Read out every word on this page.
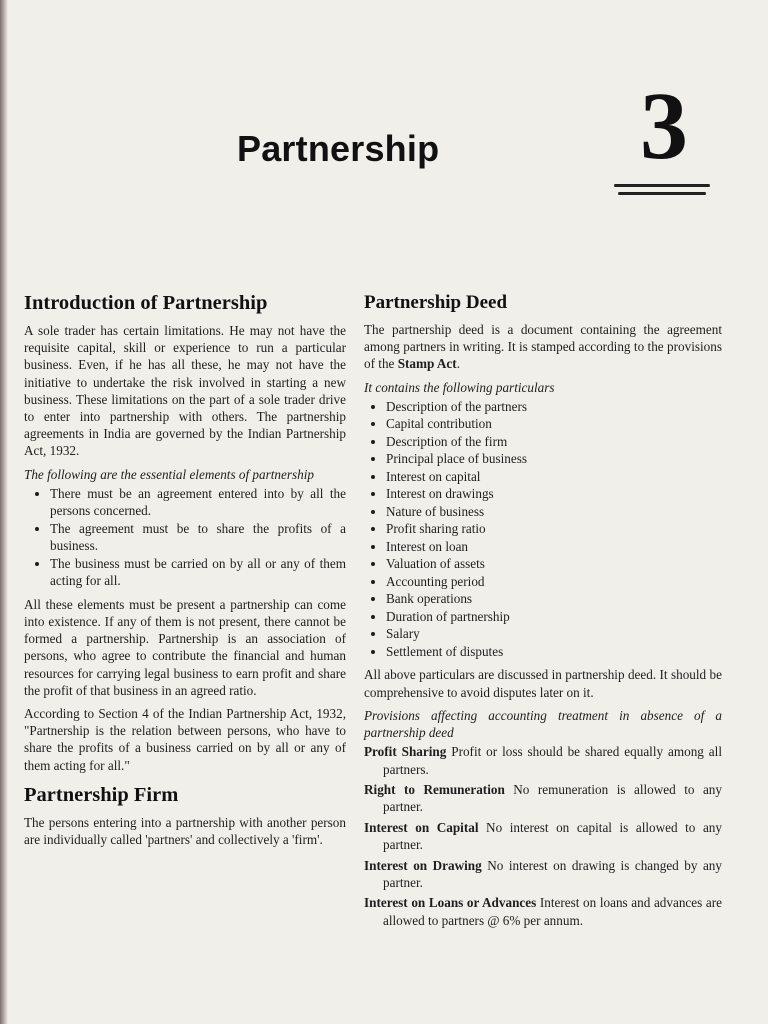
Partnership 3
Introduction of Partnership

A sole trader has certain limitations. He may not have the requisite capital, skill or experience to run a particular business. Even, if he has all these, he may not have the initiative to undertake the risk involved in starting a new business. These limitations on the part of a sole trader drive to enter into partnership with others. The partnership agreements in India are governed by the Indian Partnership Act, 1932.

The following are the essential elements of partnership

• There must be an agreement entered into by all the persons concerned.
• The agreement must be to share the profits of a business.
• The business must be carried on by all or any of them acting for all.

All these elements must be present a partnership can come into existence. If any of them is not present, there cannot be formed a partnership. Partnership is an association of persons, who agree to contribute the financial and human resources for carrying legal business to earn profit and share the profit of that business in an agreed ratio.

According to Section 4 of the Indian Partnership Act, 1932, "Partnership is the relation between persons, who have to share the profits of a business carried on by all or any of them acting for all."

Partnership Firm

The persons entering into a partnership with another person are individually called 'partners' and collectively a 'firm'.

Partnership Deed

The partnership deed is a document containing the agreement among partners in writing. It is stamped according to the provisions of the Stamp Act.

It contains the following particulars

• Description of the partners
• Capital contribution
• Description of the firm
• Principal place of business
• Interest on capital
• Interest on drawings
• Nature of business
• Profit sharing ratio
• Interest on loan
• Valuation of assets
• Accounting period
• Bank operations
• Duration of partnership
• Salary
• Settlement of disputes

All above particulars are discussed in partnership deed. It should be comprehensive to avoid disputes later on it.

Provisions affecting accounting treatment in absence of a partnership deed

Profit Sharing Profit or loss should be shared equally among all partners.

Right to Remuneration No remuneration is allowed to any partner.

Interest on Capital No interest on capital is allowed to any partner.

Interest on Drawing No interest on drawing is changed by any partner.

Interest on Loans or Advances Interest on loans and advances are allowed to partners @ 6% per annum.
